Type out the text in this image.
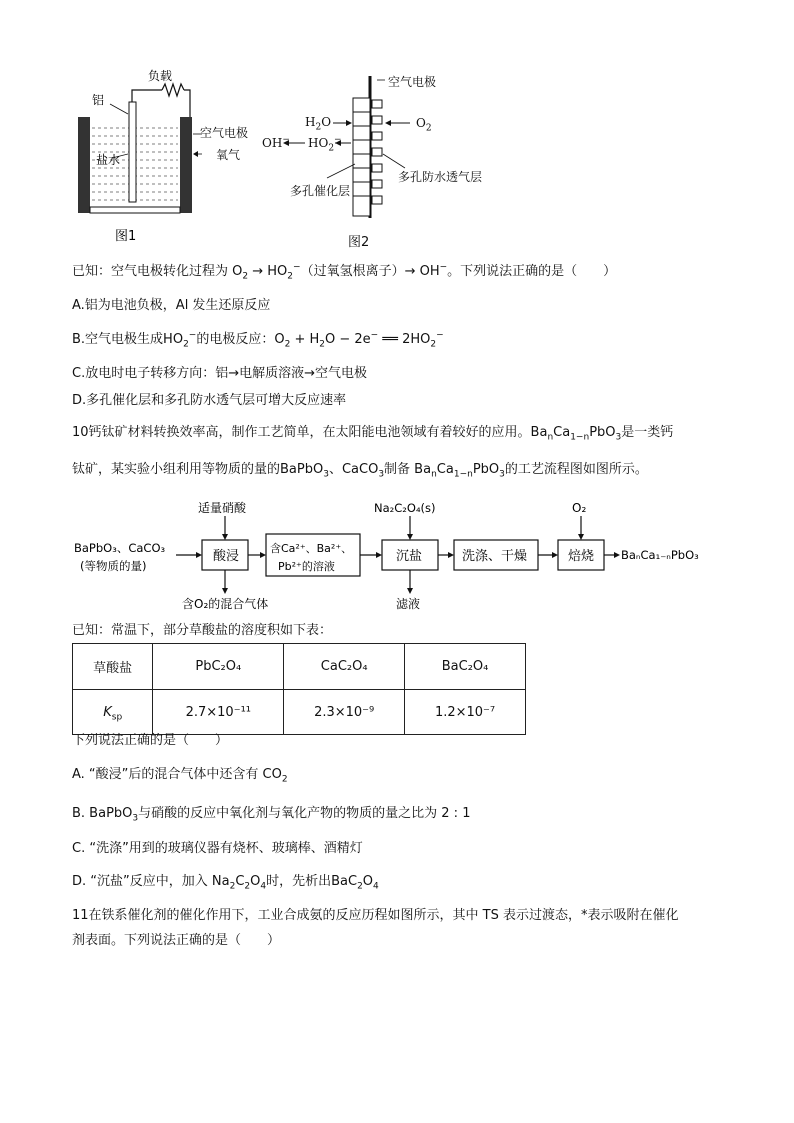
负载
铝
盐水
图1
空气电极
氧气
空气电极
$H_2O$	$O_2$
OH− $HO_2^-$
多孔催化层
多孔防水透气层
图2
已知：空气电极转化过程为 $O_2 \to HO_2^-$（过氧氢根离子）→ OH−。下列说法正确的是（　　）
A.铝为电池负极，Al 发生还原反应
B.空气电极生成$HO_2^-$的电极反应：$O_2 + H_2O - 2e^-$ ══ $2HO_2^-$
C.放电时电子转移方向：铝→电解质溶液→空气电极
D.多孔催化层和多孔防水透气层可增大反应速率
10钙钛矿材料转换效率高，制作工艺简单，在太阳能电池领域有着较好的应用。$Ba_nCa_{1-n}PbO_3$是一类钙
钛矿，某实验小组利用等物质的量的BaPbO$_3$、CaCO$_3$制备 $Ba_nCa_{1-n}PbO_3$的工艺流程图如图所示。
BaPbO₃、CaCO₃
(等物质的量)
适量硝酸
酸浸
含Ca²⁺、Ba²⁺、
Pb²⁺的溶液
Na₂C₂O₄(s)
沉盐
滤液
洗涤、干燥
O₂
焙烧 BaₙCa₁₋ₙPbO₃
含O₂的混合气体
已知：常温下，部分草酸盐的溶度积如下表：
草酸盐	PbC₂O₄	CaC₂O₄	BaC₂O₄
$K_{sp}$	2.7×10⁻¹¹	2.3×10⁻⁹	1.2×10⁻⁷
下列说法正确的是（　　）
A. “酸浸”后的混合气体中还含有 $CO_2$
B. BaPbO$_3$与硝酸的反应中氧化剂与氧化产物的物质的量之比为 2 : 1
C. “洗涤”用到的玻璃仪器有烧杯、玻璃棒、酒精灯
D. “沉盐”反应中，加入 $Na_2C_2O_4$时，先析出$BaC_2O_4$
11在铁系催化剂的催化作用下，工业合成氨的反应历程如图所示，其中 TS 表示过渡态，*表示吸附在催化
剂表面。下列说法正确的是（　　）
